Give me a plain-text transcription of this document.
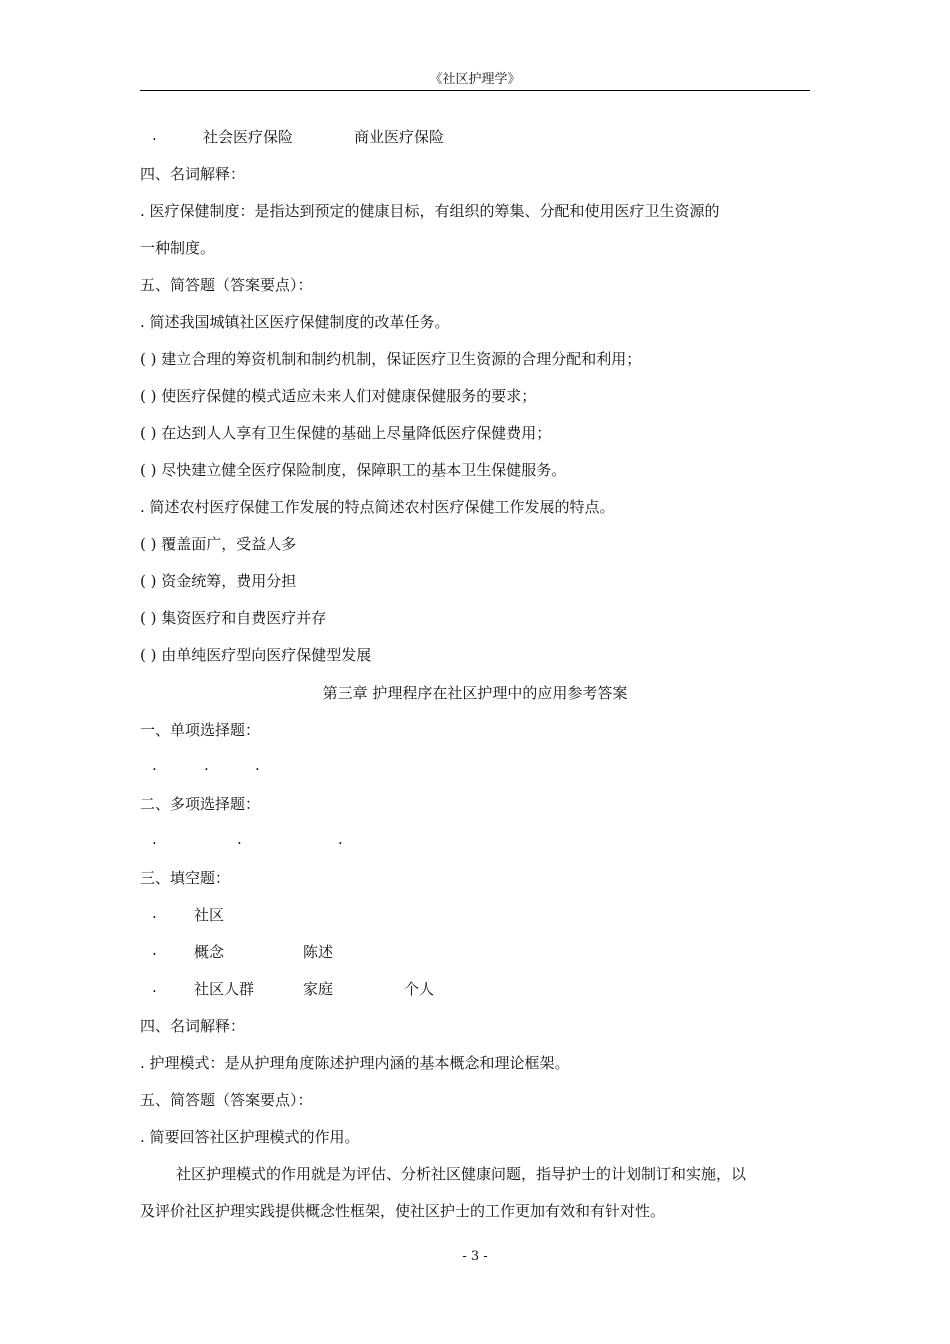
《社区护理学》
.	社会医疗保险	商业医疗保险
四、名词解释：
. 医疗保健制度：是指达到预定的健康目标，有组织的筹集、分配和使用医疗卫生资源的
一种制度。
五、简答题（答案要点）：
. 简述我国城镇社区医疗保健制度的改革任务。
( ) 建立合理的筹资机制和制约机制，保证医疗卫生资源的合理分配和利用；
( ) 使医疗保健的模式适应未来人们对健康保健服务的要求；
( ) 在达到人人享有卫生保健的基础上尽量降低医疗保健费用；
( ) 尽快建立健全医疗保险制度，保障职工的基本卫生保健服务。
. 简述农村医疗保健工作发展的特点简述农村医疗保健工作发展的特点。
( ) 覆盖面广，受益人多
( ) 资金统筹，费用分担
( ) 集资医疗和自费医疗并存
( ) 由单纯医疗型向医疗保健型发展
第三章 护理程序在社区护理中的应用参考答案
一、单项选择题：
.	.	.
二、多项选择题：
.	.	.
三、填空题：
. 社区
. 概念	陈述
. 社区人群	家庭	个人
四、名词解释：
. 护理模式：是从护理角度陈述护理内涵的基本概念和理论框架。
五、简答题（答案要点）：
. 简要回答社区护理模式的作用。
社区护理模式的作用就是为评估、分析社区健康问题，指导护士的计划制订和实施，以
及评价社区护理实践提供概念性框架，使社区护士的工作更加有效和有针对性。
- 3 -
